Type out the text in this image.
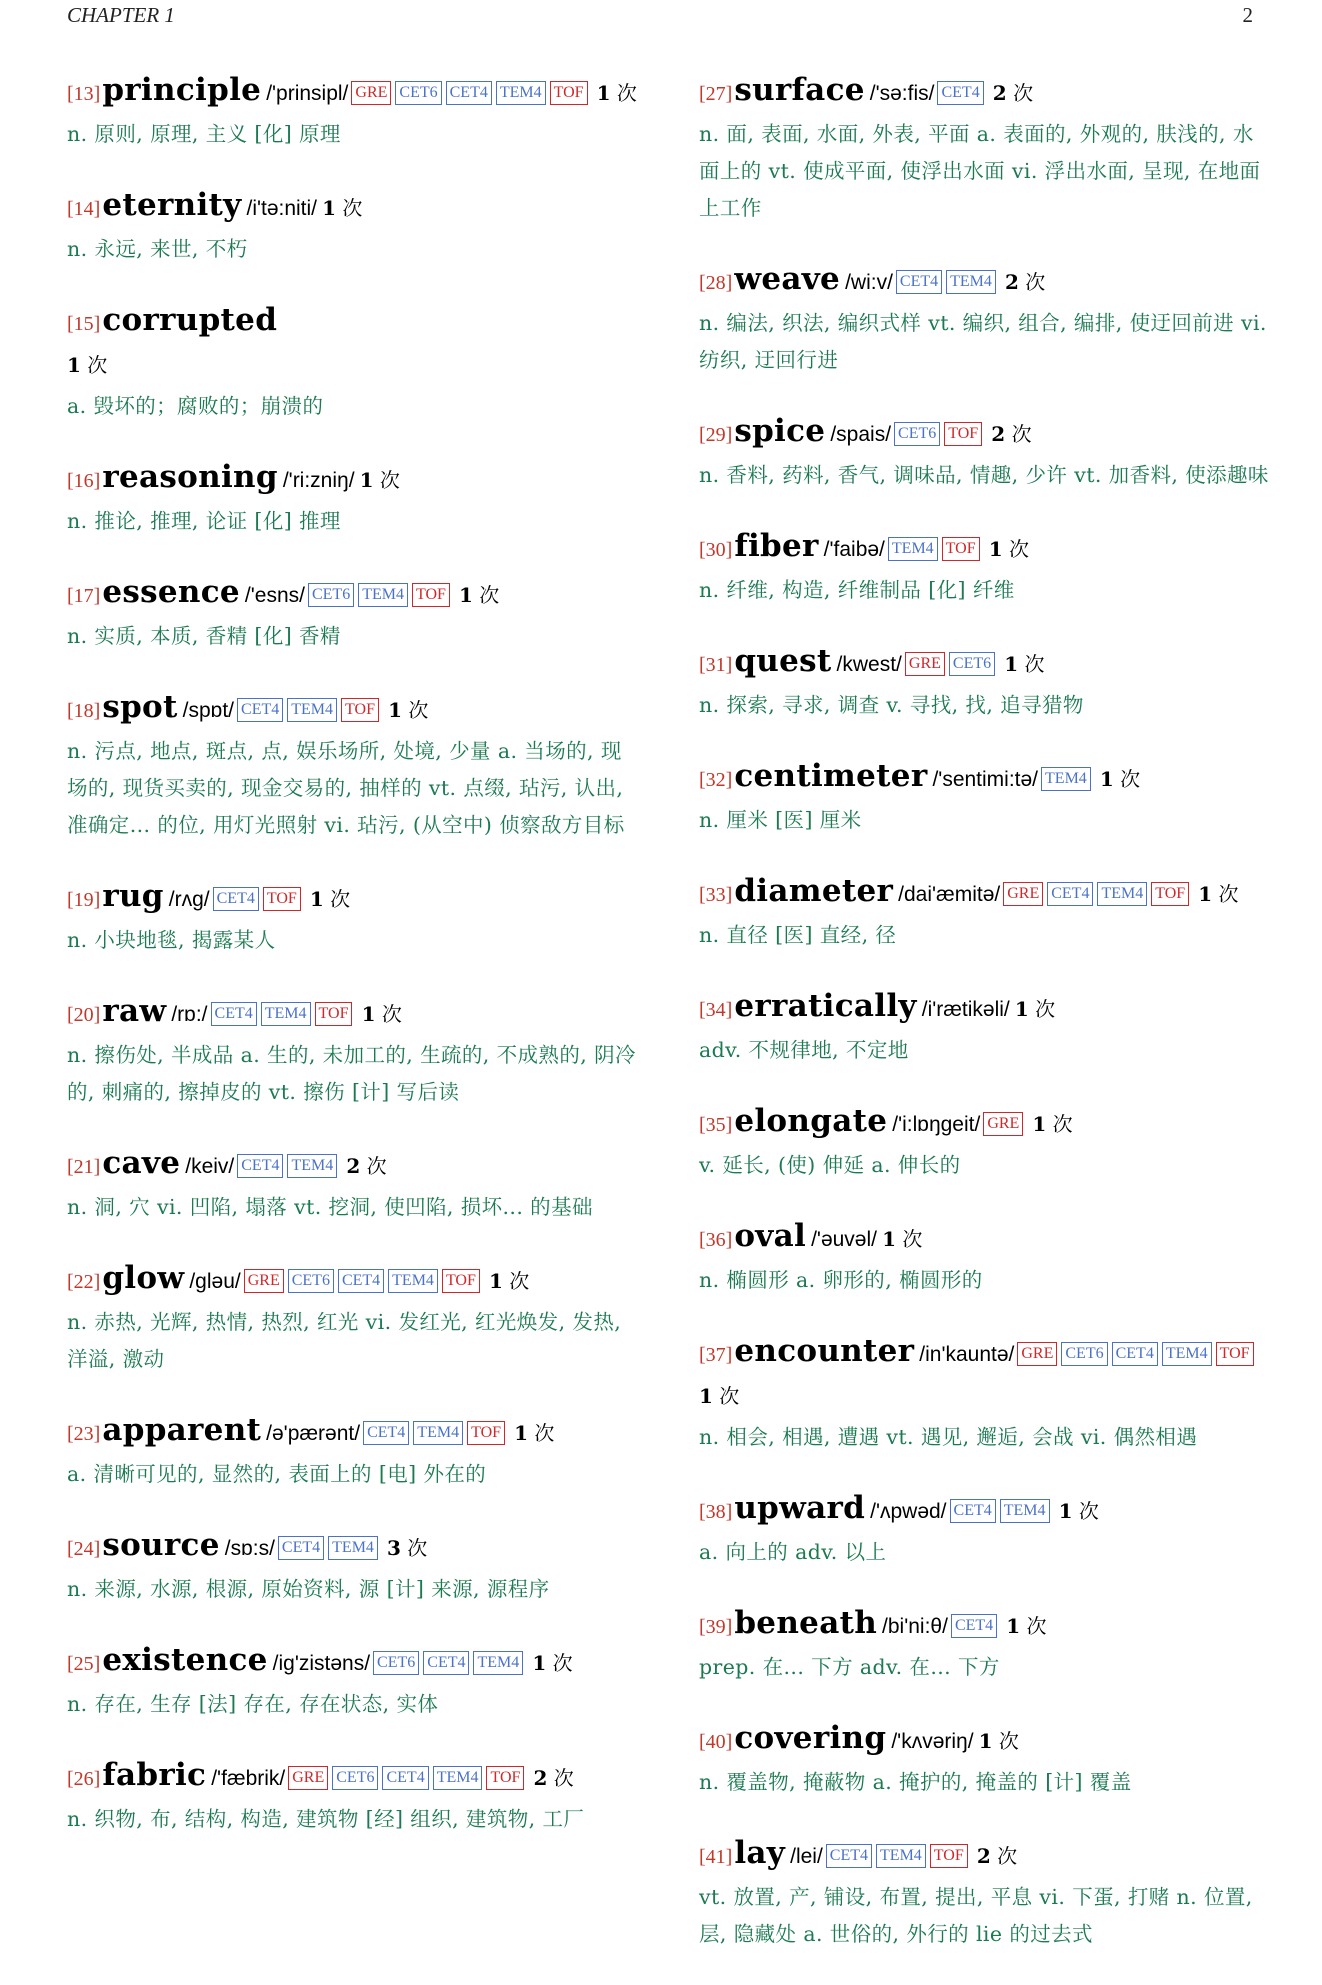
CHAPTER 1	2
[13]principle /'prinsipl/ GRE CET6 CET4 TEM4 TOF 1 次
n. 原则, 原理, 主义 [化] 原理
[14]eternity /i'tə:niti/ 1 次
n. 永远, 来世, 不朽
[15]corrupted
1 次
a. 毁坏的；腐败的；崩溃的
[16]reasoning /'ri:zniŋ/ 1 次
n. 推论, 推理, 论证 [化] 推理
[17]essence /'esns/ CET6 TEM4 TOF 1 次
n. 实质, 本质, 香精 [化] 香精
[18]spot /spɒt/ CET4 TEM4 TOF 1 次
n. 污点, 地点, 斑点, 点, 娱乐场所, 处境, 少量 a. 当场的, 现场的, 现货买卖的, 现金交易的, 抽样的 vt. 点缀, 玷污, 认出, 准确定... 的位, 用灯光照射 vi. 玷污, (从空中) 侦察敌方目标
[19]rug /rʌg/ CET4 TOF 1 次
n. 小块地毯, 揭露某人
[20]raw /rɒ:/ CET4 TEM4 TOF 1 次
n. 擦伤处, 半成品 a. 生的, 未加工的, 生疏的, 不成熟的, 阴冷的, 刺痛的, 擦掉皮的 vt. 擦伤 [计] 写后读
[21]cave /keiv/ CET4 TEM4 2 次
n. 洞, 穴 vi. 凹陷, 塌落 vt. 挖洞, 使凹陷, 损坏... 的基础
[22]glow /gləu/ GRE CET6 CET4 TEM4 TOF 1 次
n. 赤热, 光辉, 热情, 热烈, 红光 vi. 发红光, 红光焕发, 发热, 洋溢, 激动
[23]apparent /ə'pærənt/ CET4 TEM4 TOF 1 次
a. 清晰可见的, 显然的, 表面上的 [电] 外在的
[24]source /sɒ:s/ CET4 TEM4 3 次
n. 来源, 水源, 根源, 原始资料, 源 [计] 来源, 源程序
[25]existence /ig'zistəns/ CET6 CET4 TEM4 1 次
n. 存在, 生存 [法] 存在, 存在状态, 实体
[26]fabric /'fæbrik/ GRE CET6 CET4 TEM4 TOF 2 次
n. 织物, 布, 结构, 构造, 建筑物 [经] 组织, 建筑物, 工厂
[27]surface /'sə:fis/ CET4 2 次
n. 面, 表面, 水面, 外表, 平面 a. 表面的, 外观的, 肤浅的, 水面上的 vt. 使成平面, 使浮出水面 vi. 浮出水面, 呈现, 在地面上工作
[28]weave /wi:v/ CET4 TEM4 2 次
n. 编法, 织法, 编织式样 vt. 编织, 组合, 编排, 使迂回前进 vi. 纺织, 迂回行进
[29]spice /spais/ CET6 TOF 2 次
n. 香料, 药料, 香气, 调味品, 情趣, 少许 vt. 加香料, 使添趣味
[30]fiber /'faibə/ TEM4 TOF 1 次
n. 纤维, 构造, 纤维制品 [化] 纤维
[31]quest /kwest/ GRE CET6 1 次
n. 探索, 寻求, 调查 v. 寻找, 找, 追寻猎物
[32]centimeter /'sentimi:tə/ TEM4 1 次
n. 厘米 [医] 厘米
[33]diameter /dai'æmitə/ GRE CET4 TEM4 TOF 1 次
n. 直径 [医] 直经, 径
[34]erratically /i'rætikəli/ 1 次
adv. 不规律地, 不定地
[35]elongate /'i:lɒŋgeit/ GRE 1 次
v. 延长, (使) 伸延 a. 伸长的
[36]oval /'əuvəl/ 1 次
n. 椭圆形 a. 卵形的, 椭圆形的
[37]encounter /in'kauntə/ GRE CET6 CET4 TEM4 TOF 1 次
n. 相会, 相遇, 遭遇 vt. 遇见, 邂逅, 会战 vi. 偶然相遇
[38]upward /'ʌpwəd/ CET4 TEM4 1 次
a. 向上的 adv. 以上
[39]beneath /bi'ni:θ/ CET4 1 次
prep. 在... 下方 adv. 在... 下方
[40]covering /'kʌvəriŋ/ 1 次
n. 覆盖物, 掩蔽物 a. 掩护的, 掩盖的 [计] 覆盖
[41]lay /lei/ CET4 TEM4 TOF 2 次
vt. 放置, 产, 铺设, 布置, 提出, 平息 vi. 下蛋, 打赌 n. 位置, 层, 隐藏处 a. 世俗的, 外行的 lie 的过去式
